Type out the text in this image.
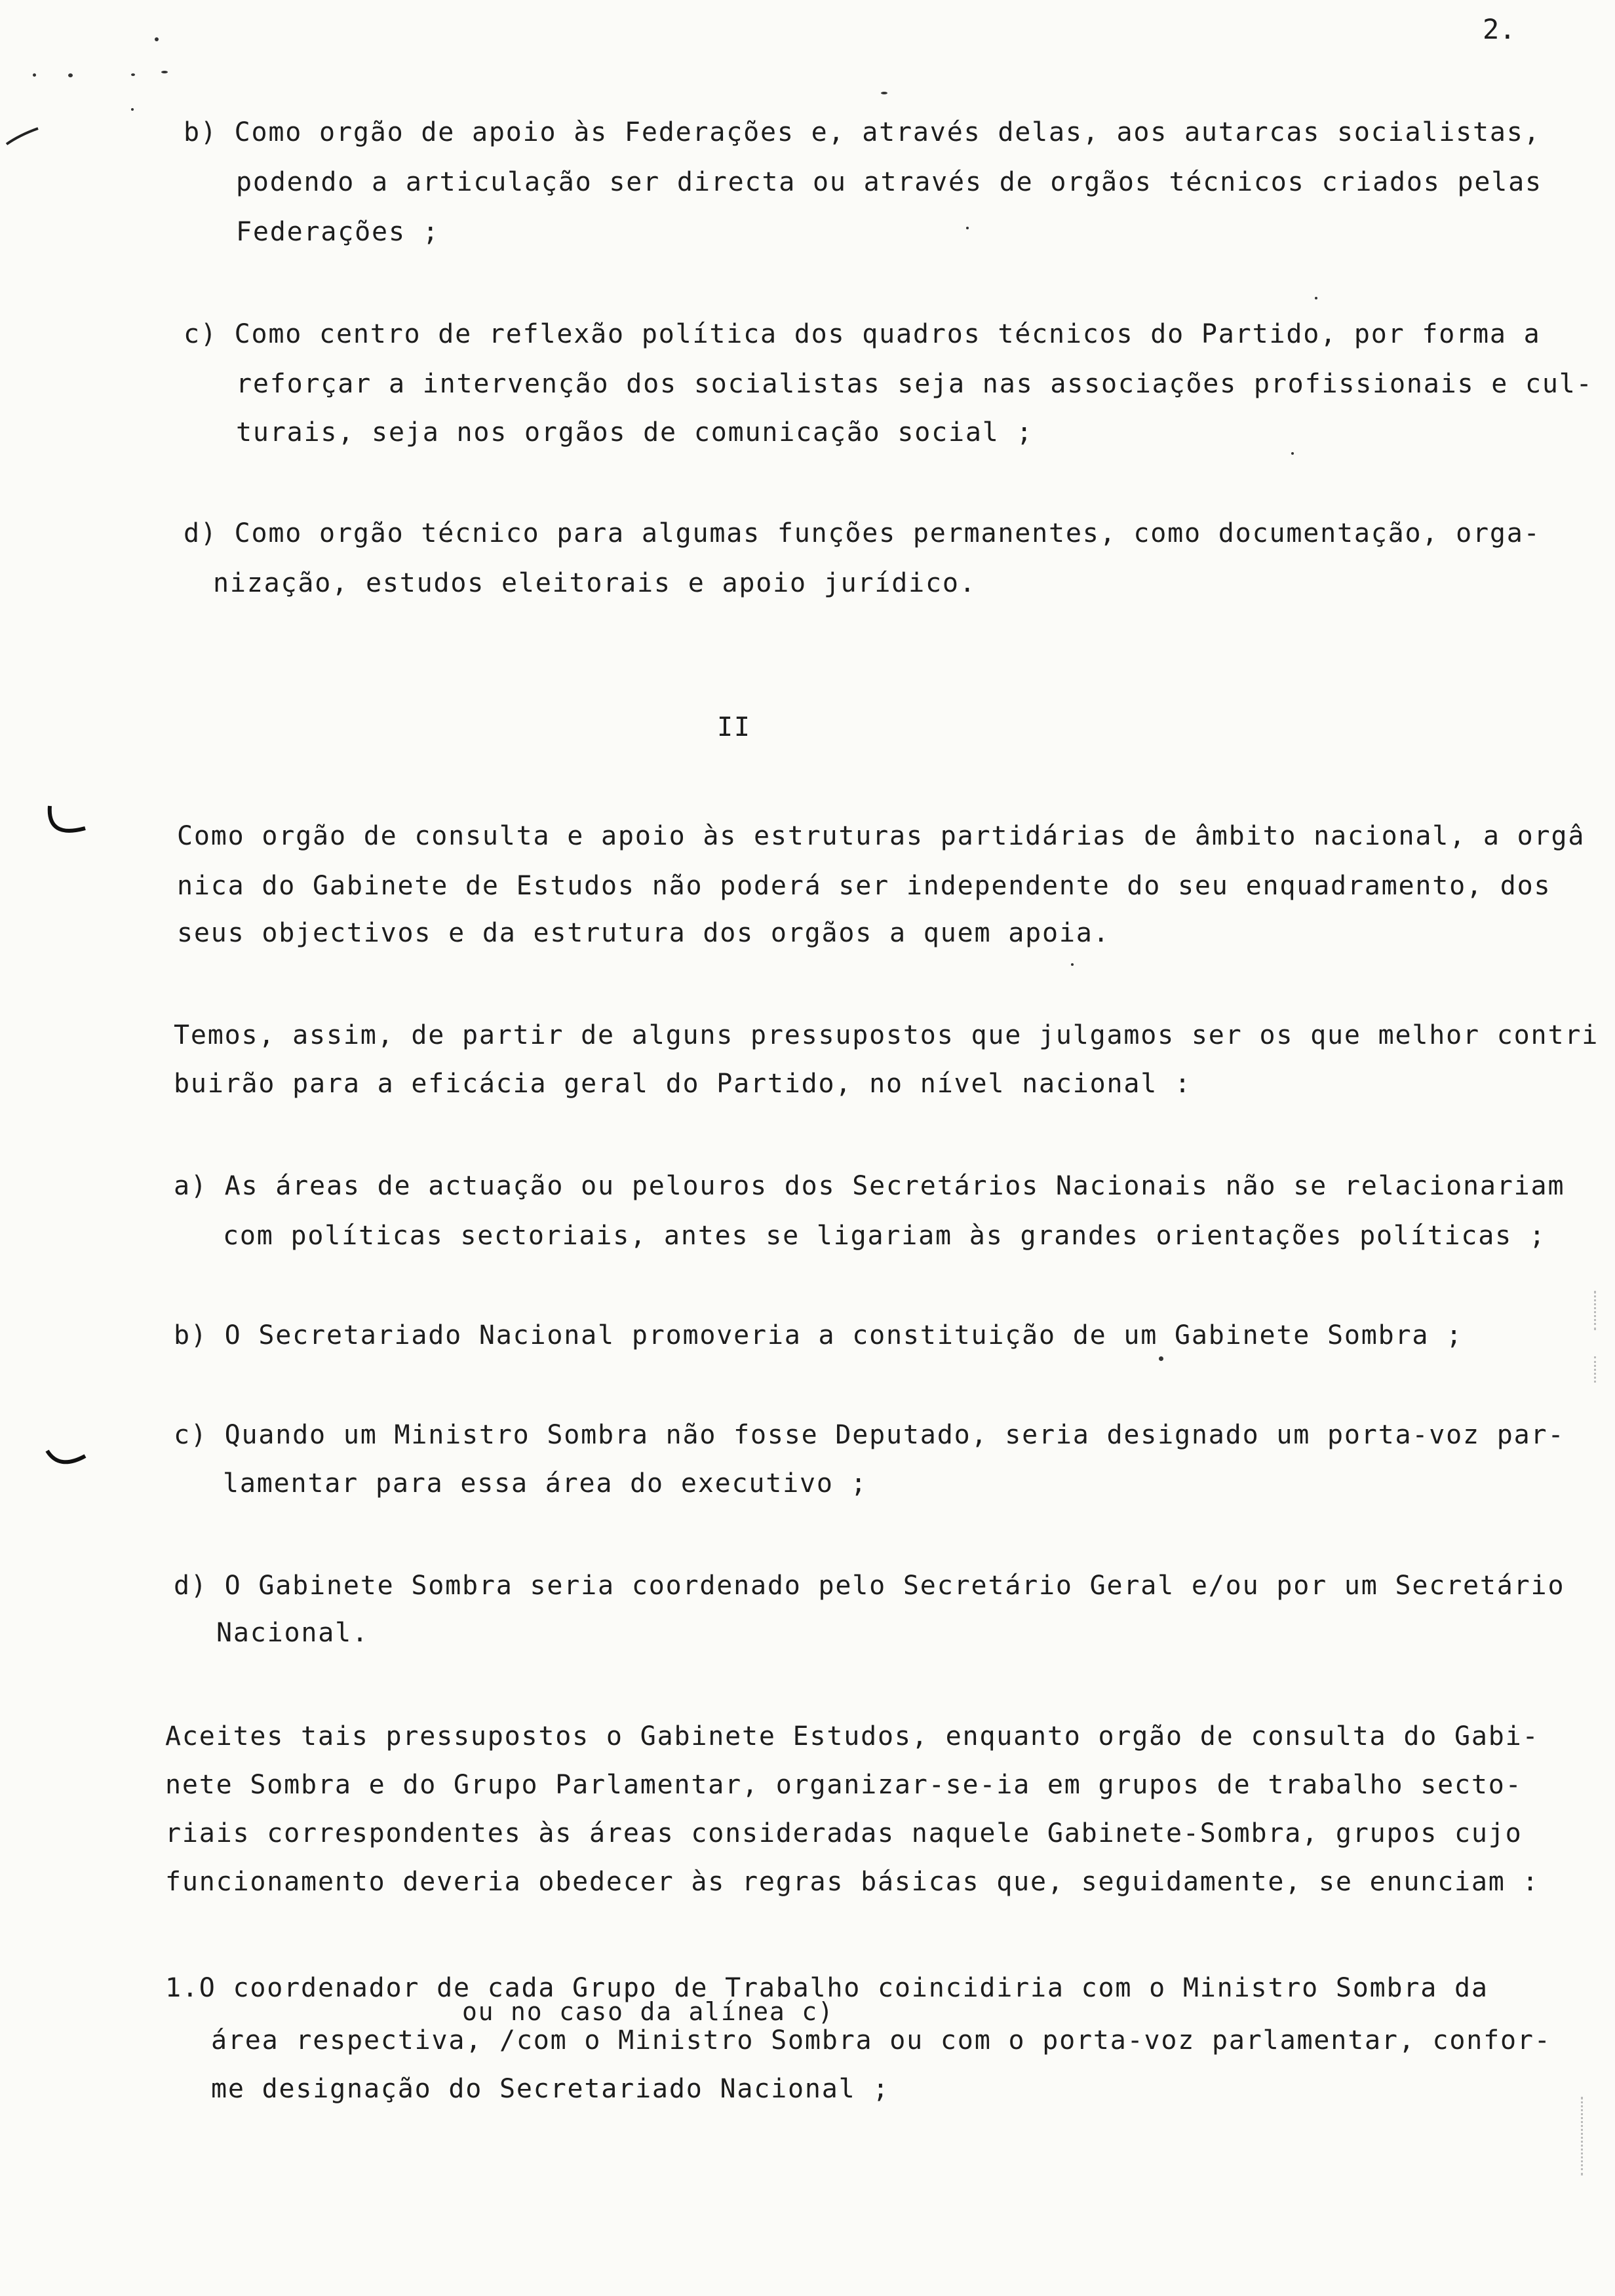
2.
b) Como orgão de apoio às Federações e, através delas, aos autarcas socialistas,
podendo a articulação ser directa ou através de orgãos técnicos criados pelas
Federações ;
c) Como centro de reflexão política dos quadros técnicos do Partido, por forma a
reforçar a intervenção dos socialistas seja nas associações profissionais e cul-
turais, seja nos orgãos de comunicação social ;
d) Como orgão técnico para algumas funções permanentes, como documentação, orga-
nização, estudos eleitorais e apoio jurídico.
II
Como orgão de consulta e apoio às estruturas partidárias de âmbito nacional, a orgâ
nica do Gabinete de Estudos não poderá ser independente do seu enquadramento, dos
seus objectivos e da estrutura dos orgãos a quem apoia.
Temos, assim, de partir de alguns pressupostos que julgamos ser os que melhor contri
buirão para a eficácia geral do Partido, no nível nacional :
a) As áreas de actuação ou pelouros dos Secretários Nacionais não se relacionariam
com políticas sectoriais, antes se ligariam às grandes orientações políticas ;
b) O Secretariado Nacional promoveria a constituição de um Gabinete Sombra ;
c) Quando um Ministro Sombra não fosse Deputado, seria designado um porta-voz par-
lamentar para essa área do executivo ;
d) O Gabinete Sombra seria coordenado pelo Secretário Geral e/ou por um Secretário
Nacional.
Aceites tais pressupostos o Gabinete Estudos, enquanto orgão de consulta do Gabi-
nete Sombra e do Grupo Parlamentar, organizar-se-ia em grupos de trabalho secto-
riais correspondentes às áreas consideradas naquele Gabinete-Sombra, grupos cujo
funcionamento deveria obedecer às regras básicas que, seguidamente, se enunciam :
1.O coordenador de cada Grupo de Trabalho coincidiria com o Ministro Sombra da
ou no caso da alínea c)
área respectiva, /com o Ministro Sombra ou com o porta-voz parlamentar, confor-
me designação do Secretariado Nacional ;
